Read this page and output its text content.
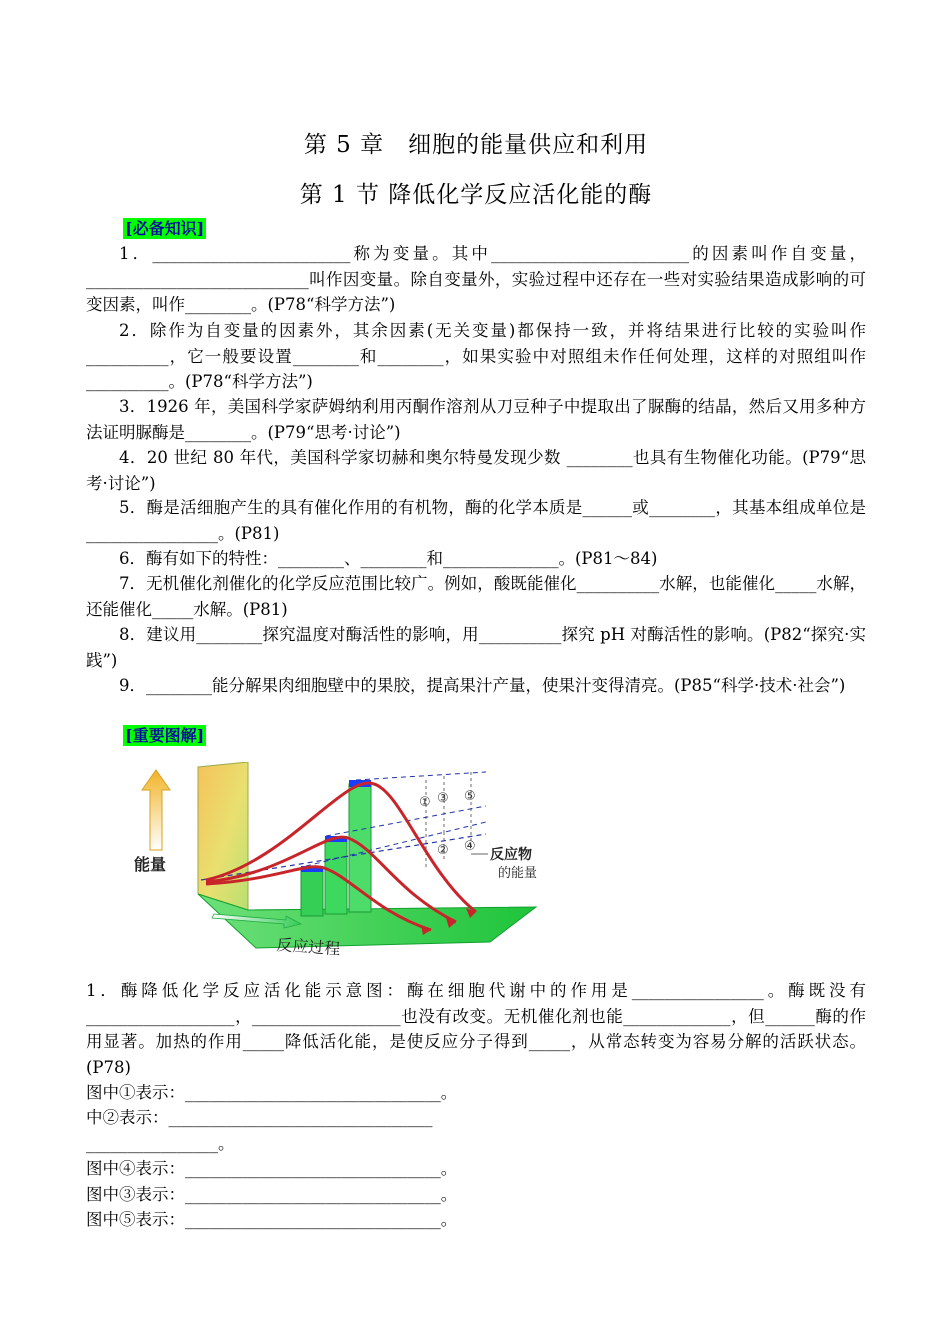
第 5 章　细胞的能量供应和利用
第 1 节 降低化学反应活化能的酶
[必备知识]
1．________________________称为变量。其中________________________的因素叫作自变量，___________________________叫作因变量。除自变量外，实验过程中还存在一些对实验结果造成影响的可变因素，叫作________。(P78“科学方法”)
2．除作为自变量的因素外，其余因素(无关变量)都保持一致，并将结果进行比较的实验叫作__________，它一般要设置________和________，如果实验中对照组未作任何处理，这样的对照组叫作__________。(P78“科学方法”)
3．1926 年，美国科学家萨姆纳利用丙酮作溶剂从刀豆种子中提取出了脲酶的结晶，然后又用多种方法证明脲酶是________。(P79“思考·讨论”)
4．20 世纪 80 年代，美国科学家切赫和奥尔特曼发现少数 ________也具有生物催化功能。(P79“思考·讨论”)
5．酶是活细胞产生的具有催化作用的有机物，酶的化学本质是______或________，其基本组成单位是________________。(P81)
6．酶有如下的特性：________、________和______________。(P81～84)
7．无机催化剂催化的化学反应范围比较广。例如，酸既能催化__________水解，也能催化_____水解，还能催化_____水解。(P81)
8．建议用________探究温度对酶活性的影响，用__________探究 pH 对酶活性的影响。(P82“探究·实践”)
9．________能分解果肉细胞壁中的果胶，提高果汁产量，使果汁变得清亮。(P85“科学·技术·社会”)
[重要图解]
①
②
③
④
⑤
反应物
的能量
能量
反应过程
1．酶降低化学反应活化能示意图：酶在细胞代谢中的作用是________________。酶既没有__________________，__________________也没有改变。无机催化剂也能_____________，但______酶的作用显著。加热的作用_____降低活化能，是使反应分子得到_____，从常态转变为容易分解的活跃状态。(P78)
图中①表示：_______________________________。
中②表示：________________________________
________________。
图中④表示：_______________________________。
图中③表示：_______________________________。
图中⑤表示：_______________________________。
